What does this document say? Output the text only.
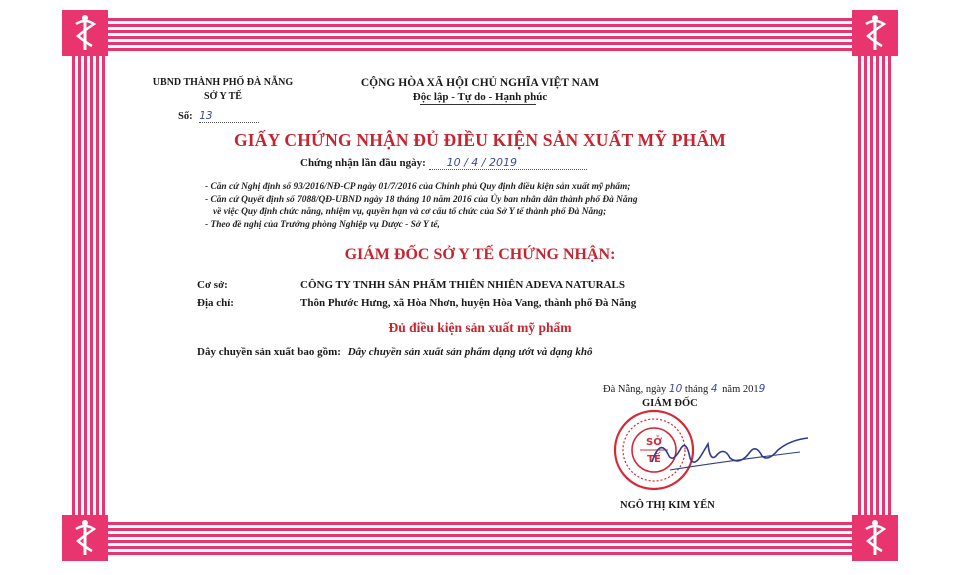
UBND THÀNH PHỐ ĐÀ NẴNG
SỞ Y TẾ
CỘNG HÒA XÃ HỘI CHỦ NGHĨA VIỆT NAM
Độc lập - Tự do - Hạnh phúc
Số: 13
GIẤY CHỨNG NHẬN ĐỦ ĐIỀU KIỆN SẢN XUẤT MỸ PHẨM
Chứng nhận lần đầu ngày: 10 / 4 / 2019
- Căn cứ Nghị định số 93/2016/NĐ-CP ngày 01/7/2016 của Chính phủ Quy định điều kiện sản xuất mỹ phẩm;
- Căn cứ Quyết định số 7088/QĐ-UBND ngày 18 tháng 10 năm 2016 của Ủy ban nhân dân thành phố Đà Nẵng
về việc Quy định chức năng, nhiệm vụ, quyền hạn và cơ cấu tổ chức của Sở Y tế thành phố Đà Nẵng;
- Theo đề nghị của Trưởng phòng Nghiệp vụ Dược - Sở Y tế,
GIÁM ĐỐC SỞ Y TẾ CHỨNG NHẬN:
Cơ sở:	CÔNG TY TNHH SẢN PHẨM THIÊN NHIÊN ADEVA NATURALS
Địa chỉ:	Thôn Phước Hưng, xã Hòa Nhơn, huyện Hòa Vang, thành phố Đà Nẵng
Đủ điều kiện sản xuất mỹ phẩm
Dây chuyền sản xuất bao gồm: Dây chuyền sản xuất sản phẩm dạng ướt và dạng khô
Đà Nẵng, ngày 10 tháng 4 năm 2019
GIÁM ĐỐC
SỞ
TẾ
NGÔ THỊ KIM YẾN
